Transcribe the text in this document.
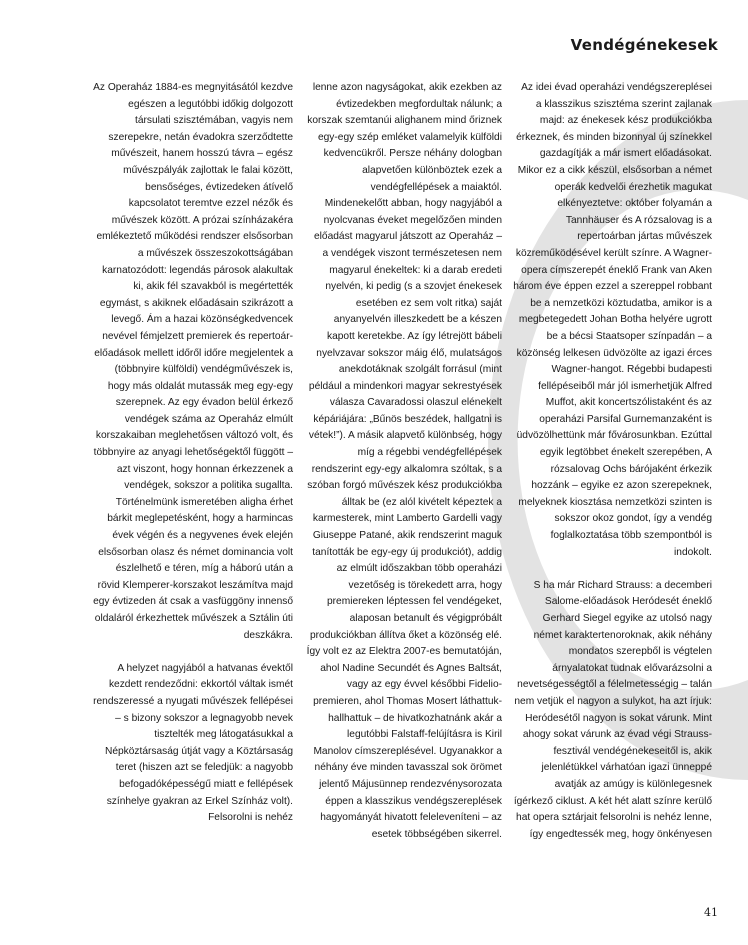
Vendégénekesek

Az Operaház 1884-es megnyitásától kezdve egészen a legutóbbi időkig dolgozott társulati szisztémában, vagyis nem szerepekre, netán évadokra szerződtette művészeit, hanem hosszú távra – egész művészpályák zajlottak le falai között, bensőséges, évtizedeken átívelő kapcsolatot teremtve ezzel nézők és művészek között. A prózai színházakéra emlékeztető működési rendszer elsősorban a művészek összeszokottságában karnatozódott: legendás párosok alakultak ki, akik fél szavakból is megértették egymást, s akiknek előadásain szikrázott a levegő. Ám a hazai közönségkedvencek nevével fémjelzett premierek és repertoár-előadások mellett időről időre megjelentek a (többnyire külföldi) vendégművészek is, hogy más oldalát mutassák meg egy-egy szerepnek. Az egy évadon belül érkező vendégek száma az Operaház elmúlt korszakaiban meglehetősen változó volt, és többnyire az anyagi lehetőségektől függött – azt viszont, hogy honnan érkezzenek a vendégek, sokszor a politika sugallta. Történelmünk ismeretében aligha érhet bárkit meglepetésként, hogy a harmincas évek végén és a negyvenes évek elején elsősorban olasz és német dominancia volt észlelhető e téren, míg a háború után a rövid Klemperer-korszakot leszámítva majd egy évtizeden át csak a vasfüggöny innenső oldaláról érkezhettek művészek a Sztálin úti deszkákra.

A helyzet nagyjából a hatvanas évektől kezdett rendeződni: ekkortól váltak ismét rendszeressé a nyugati művészek fellépései – s bizony sokszor a legnagyobb nevek tisztelték meg látogatásukkal a Népköztársaság útját vagy a Köztársaság teret (hiszen azt se feledjük: a nagyobb befogadóképességű miatt e fellépések színhelye gyakran az Erkel Színház volt). Felsorolni is nehéz

lenne azon nagyságokat, akik ezekben az évtizedekben megfordultak nálunk; a korszak szemtanúi alighanem mind őriznek egy-egy szép emléket valamelyik külföldi kedvencükről. Persze néhány dologban alapvetően különböztek ezek a vendégfellépések a maiaktól. Mindenekelőtt abban, hogy nagyjából a nyolcvanas éveket megelőzően minden előadást magyarul játszott az Operaház – a vendégek viszont természetesen nem magyarul énekeltek: ki a darab eredeti nyelvén, ki pedig (s a szovjet énekesek esetében ez sem volt ritka) saját anyanyelvén illeszkedett be a készen kapott keretekbe. Az így létrejött bábeli nyelvzavar sokszor máig élő, mulatságos anekdotáknak szolgált forrásul (mint például a mindenkori magyar sekrestyések válasza Cavaradossi olaszul elénekelt képáriájára: „Bűnös beszédek, hallgatni is vétek!”). A másik alapvető különbség, hogy míg a régebbi vendégfellépések rendszerint egy-egy alkalomra szóltak, s a szóban forgó művészek kész produkciókba álltak be (ez alól kivételt képeztek a karmesterek, mint Lamberto Gardelli vagy Giuseppe Patané, akik rendszerint maguk tanították be egy-egy új produkciót), addig az elmúlt időszakban több operaházi vezetőség is törekedett arra, hogy premiereken léptessen fel vendégeket, alaposan betanult és végigpróbált produkciókban állítva őket a közönség elé. Így volt ez az Elektra 2007-es bemutatóján, ahol Nadine Secundét és Agnes Baltsát, vagy az egy évvel későbbi Fidelio-premieren, ahol Thomas Mosert láthattuk-hallhattuk – de hivatkozhatnánk akár a legutóbbi Falstaff-felújításra is Kiril Manolov címszereplésével. Ugyanakkor a néhány éve minden tavasszal sok örömet jelentő Májusünnep rendezvénysorozata éppen a klasszikus vendégszereplések hagyományát hivatott feleleveníteni – az esetek többségében sikerrel.

Az idei évad operaházi vendégszereplései a klasszikus szisztéma szerint zajlanak majd: az énekesek kész produkciókba érkeznek, és minden bizonnyal új színekkel gazdagítják a már ismert előadásokat. Mikor ez a cikk készül, elsősorban a német operák kedvelői érezhetik magukat elkényeztetve: október folyamán a Tannhäuser és A rózsalovag is a repertoárban jártas művészek közreműködésével került színre. A Wagner-opera címszerepét éneklő Frank van Aken három éve éppen ezzel a szereppel robbant be a nemzetközi köztudatba, amikor is a megbetegedett Johan Botha helyére ugrott be a bécsi Staatsoper színpadán – a közönség lelkesen üdvözölte az igazi érces Wagner-hangot. Régebbi budapesti fellépéseiből már jól ismerhetjük Alfred Muffot, akit koncertszólistaként és az operaházi Parsifal Gurnemanzaként is üdvözölhettünk már fővárosunkban. Ezúttal egyik legtöbbet énekelt szerepében, A rózsalovag Ochs bárójaként érkezik hozzánk – egyike ez azon szerepeknek, melyeknek kiosztása nemzetközi szinten is sokszor okoz gondot, így a vendég foglalkoztatása több szempontból is indokolt.

S ha már Richard Strauss: a decemberi Salome-előadások Heródesét éneklő Gerhard Siegel egyike az utolsó nagy német karaktertenoroknak, akik néhány mondatos szerepből is végtelen árnyalatokat tudnak elővarázsolni a nevetségességtől a félelmetességig – talán nem vetjük el nagyon a sulykot, ha azt írjuk: Heródesétől nagyon is sokat várunk. Mint ahogy sokat várunk az évad végi Strauss-fesztivál vendégénekeseitől is, akik jelenlétükkel várhatóan igazi ünneppé avatják az amúgy is különlegesnek ígérkező ciklust. A két hét alatt színre kerülő hat opera sztárjait felsorolni is nehéz lenne, így engedtessék meg, hogy önkényesen

41
